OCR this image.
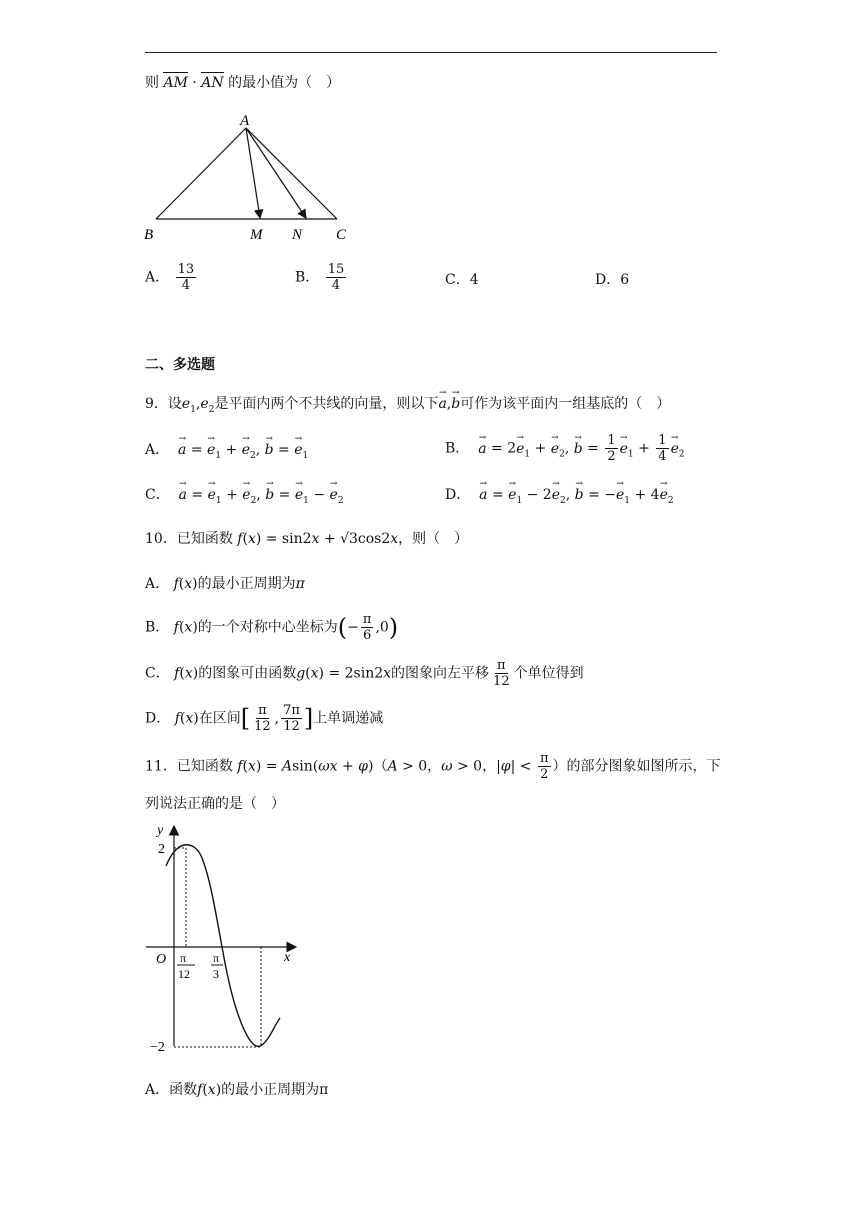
则 AM · AN 的最小值为（　）
A
B	M N C
A． $\frac{13}{4}$	B． $\frac{15}{4}$	C．4	D．6
二、多选题
9．设$e_1,e_2$是平面内两个不共线的向量，则以下a →,b →可作为该平面内一组基底的（　）
A． a → = $e \to_1 + e \to_2$, b → = $e \to_1$	B． a → = $2e \to_1 + e \to_2$, b → = $\frac{1}{2}$ $e \to_1 + \frac{1}{4}$ $e \to_2$
C． a → = $e \to_1 + e \to_2$, b → = $e \to_1 - e \to_2$	D． a → = $e \to_1 - 2e \to_2$, b → = $-e \to_1 + 4e \to_2$
10．已知函数 f(x) = sin2x + √3cos2x，则（　）
A． f(x)的最小正周期为π
B． f(x)的一个对称中心坐标为(− $\frac{\pi}{6} ,0$)
C． f(x)的图象可由函数g(x) = 2sin2x的图象向左平移 $\frac{\pi}{12}$ 个单位得到
D． f(x)在区间[ $\frac{\pi}{12}$ , $\frac{7\pi}{12}$ ]上单调递减
11．已知函数 f(x) = Asin(ωx + φ)（A > 0，ω > 0，$|\varphi| < \frac{\pi}{2}$ ）的部分图象如图所示，下
列说法正确的是（　）
y
x
O
2
−2
π
12
π
3
A．函数f(x)的最小正周期为π
